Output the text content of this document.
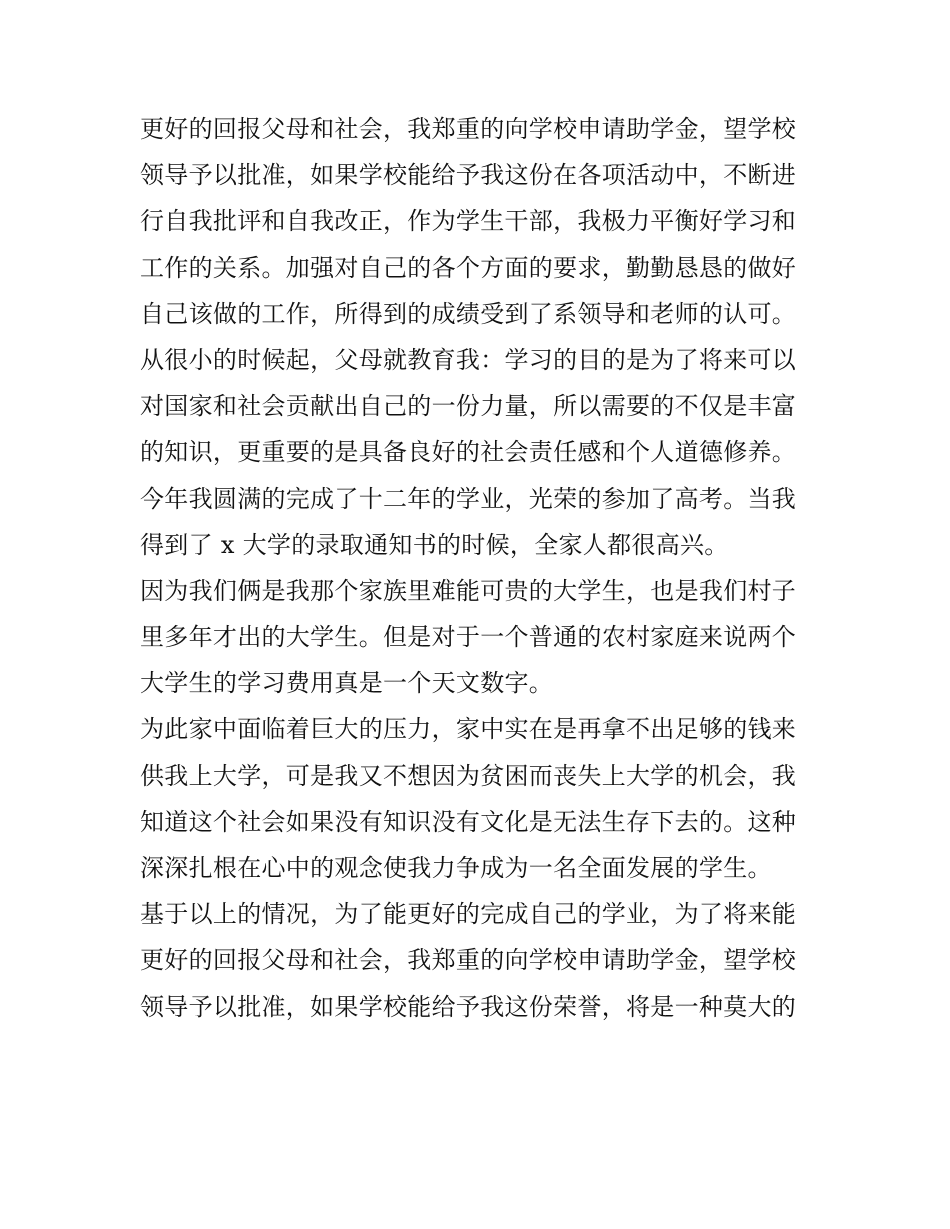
更好的回报父母和社会，我郑重的向学校申请助学金，望学校
领导予以批准，如果学校能给予我这份在各项活动中，不断进
行自我批评和自我改正，作为学生干部，我极力平衡好学习和
工作的关系。加强对自己的各个方面的要求，勤勤恳恳的做好
自己该做的工作，所得到的成绩受到了系领导和老师的认可。
从很小的时候起，父母就教育我：学习的目的是为了将来可以
对国家和社会贡献出自己的一份力量，所以需要的不仅是丰富
的知识，更重要的是具备良好的社会责任感和个人道德修养。
今年我圆满的完成了十二年的学业，光荣的参加了高考。当我
得到了 x 大学的录取通知书的时候，全家人都很高兴。
因为我们俩是我那个家族里难能可贵的大学生，也是我们村子
里多年才出的大学生。但是对于一个普通的农村家庭来说两个
大学生的学习费用真是一个天文数字。
为此家中面临着巨大的压力，家中实在是再拿不出足够的钱来
供我上大学，可是我又不想因为贫困而丧失上大学的机会，我
知道这个社会如果没有知识没有文化是无法生存下去的。这种
深深扎根在心中的观念使我力争成为一名全面发展的学生。
基于以上的情况，为了能更好的完成自己的学业，为了将来能
更好的回报父母和社会，我郑重的向学校申请助学金，望学校
领导予以批准，如果学校能给予我这份荣誉，将是一种莫大的
